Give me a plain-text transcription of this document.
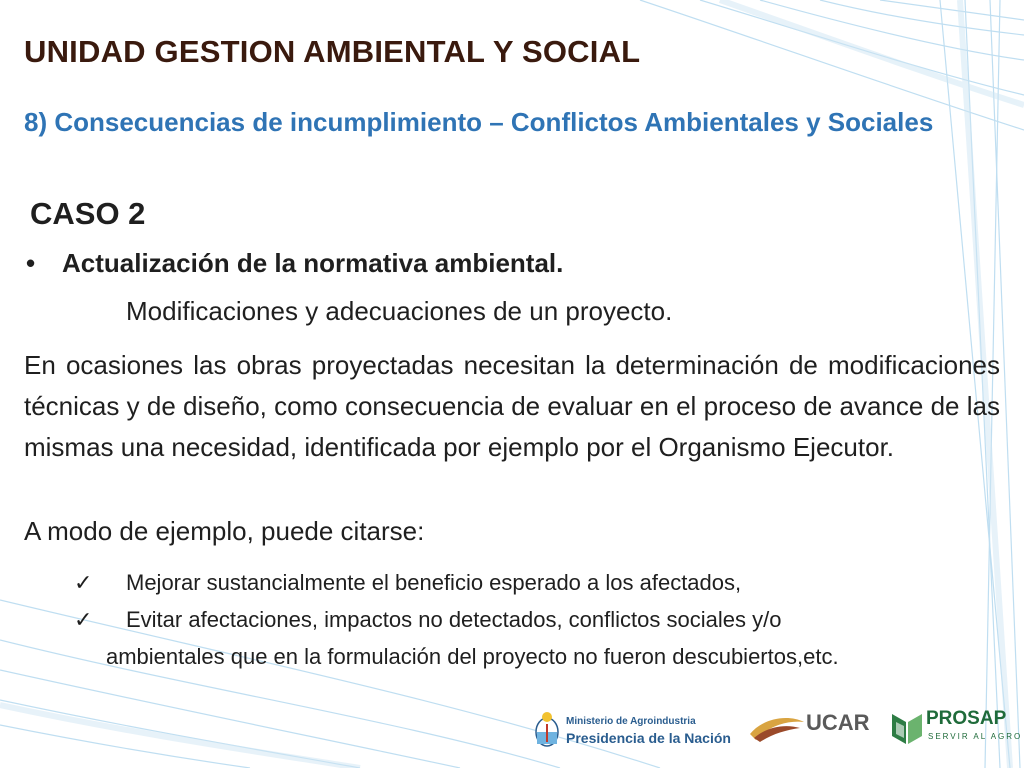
UNIDAD GESTION AMBIENTAL Y SOCIAL
8) Consecuencias de incumplimiento – Conflictos Ambientales y Sociales
CASO 2
• Actualización de la normativa ambiental.
Modificaciones y adecuaciones de un proyecto.
En ocasiones las obras proyectadas necesitan la determinación de modificaciones técnicas y de diseño, como consecuencia de evaluar en el proceso de avance de las mismas una necesidad, identificada por ejemplo por el Organismo Ejecutor.
A modo de ejemplo, puede citarse:
✓ Mejorar sustancialmente el beneficio esperado a los afectados,
✓ Evitar afectaciones, impactos no detectados, conflictos sociales y/o
ambientales que en la formulación del proyecto no fueron descubiertos,etc.
Ministerio de Agroindustria
Presidencia de la Nación
UCAR	PROSAP
SERVIR AL AGRO
